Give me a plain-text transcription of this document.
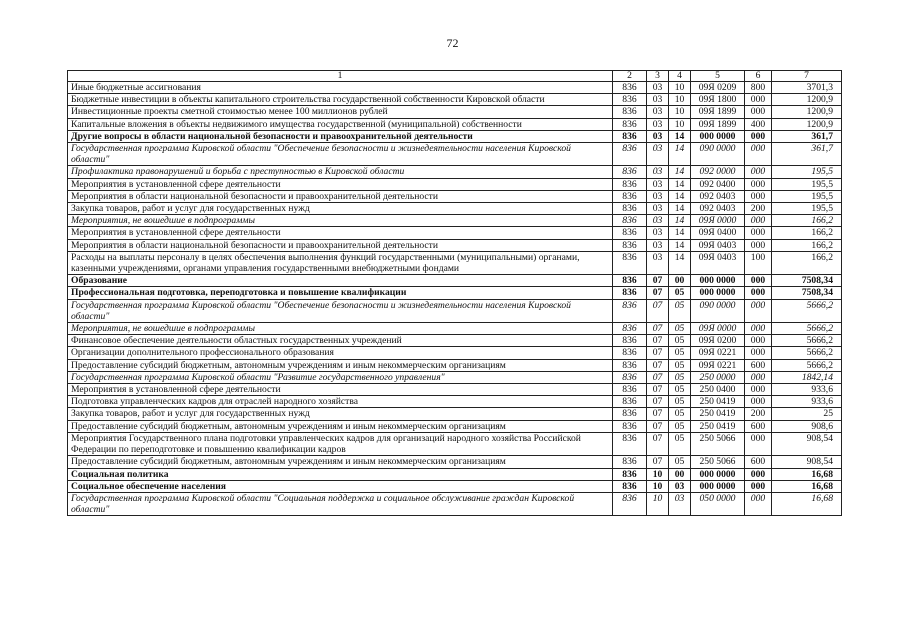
72
1	2	3	4	5	6	7
Иные бюджетные ассигнования	836	03	10	09Я 0209	800	3701,3
Бюджетные инвестиции в объекты капитального строительства государственной собственности Кировской области	836	03	10	09Я 1800	000	1200,9
Инвестиционные проекты сметной стоимостью менее 100 миллионов рублей	836	03	10	09Я 1899	000	1200,9
Капитальные вложения в объекты недвижимого имущества государственной (муниципальной) собственности	836	03	10	09Я 1899	400	1200,9
Другие вопросы в области национальной безопасности и правоохранительной деятельности	836	03	14	000 0000	000	361,7
Государственная программа Кировской области "Обеспечение безопасности и жизнедеятельности населения Кировской области"	836	03	14	090 0000	000	361,7
Профилактика правонарушений и борьба с преступностью в Кировской области	836	03	14	092 0000	000	195,5
Мероприятия в установленной сфере деятельности	836	03	14	092 0400	000	195,5
Мероприятия в области национальной безопасности и правоохранительной деятельности	836	03	14	092 0403	000	195,5
Закупка товаров, работ и услуг для государственных нужд	836	03	14	092 0403	200	195,5
Мероприятия, не вошедшие в подпрограммы	836	03	14	09Я 0000	000	166,2
Мероприятия в установленной сфере деятельности	836	03	14	09Я 0400	000	166,2
Мероприятия в области национальной безопасности и правоохранительной деятельности	836	03	14	09Я 0403	000	166,2
Расходы на выплаты персоналу в целях обеспечения выполнения функций государственными (муниципальными) органами, казенными учреждениями, органами управления государственными внебюджетными фондами	836	03	14	09Я 0403	100	166,2
Образование	836	07	00	000 0000	000	7508,34
Профессиональная подготовка, переподготовка и повышение квалификации	836	07	05	000 0000	000	7508,34
Государственная программа Кировской области "Обеспечение безопасности и жизнедеятельности населения Кировской области"	836	07	05	090 0000	000	5666,2
Мероприятия, не вошедшие в подпрограммы	836	07	05	09Я 0000	000	5666,2
Финансовое обеспечение деятельности областных государственных учреждений	836	07	05	09Я 0200	000	5666,2
Организации дополнительного профессионального образования	836	07	05	09Я 0221	000	5666,2
Предоставление субсидий бюджетным, автономным учреждениям и иным некоммерческим организациям	836	07	05	09Я 0221	600	5666,2
Государственная программа Кировской области "Развитие государственного управления"	836	07	05	250 0000	000	1842,14
Мероприятия в установленной сфере деятельности	836	07	05	250 0400	000	933,6
Подготовка управленческих кадров для отраслей народного хозяйства	836	07	05	250 0419	000	933,6
Закупка товаров, работ и услуг для государственных нужд	836	07	05	250 0419	200	25
Предоставление субсидий бюджетным, автономным учреждениям и иным некоммерческим организациям	836	07	05	250 0419	600	908,6
Мероприятия Государственного плана подготовки управленческих кадров для организаций народного хозяйства Российской Федерации по переподготовке и повышению квалификации кадров	836	07	05	250 5066	000	908,54
Предоставление субсидий бюджетным, автономным учреждениям и иным некоммерческим организациям	836	07	05	250 5066	600	908,54
Социальная политика	836	10	00	000 0000	000	16,68
Социальное обеспечение населения	836	10	03	000 0000	000	16,68
Государственная программа Кировской области "Социальная поддержка и социальное обслуживание граждан Кировской области"	836	10	03	050 0000	000	16,68
